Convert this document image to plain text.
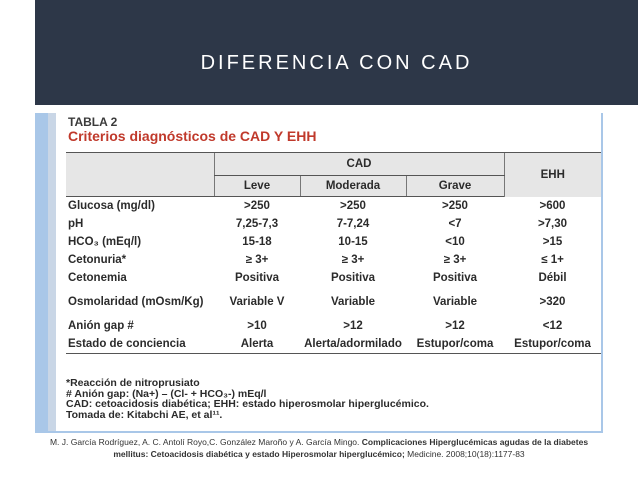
DIFERENCIA CON CAD
TABLA 2
Criterios diagnósticos de CAD Y EHH
	CAD			EHH
	Leve	Moderada	Grave	
Glucosa (mg/dl)	>250	>250	>250	>600
pH	7,25-7,3	7-7,24	<7	>7,30
HCO₃ (mEq/l)	15-18	10-15	<10	>15
Cetonuria*	≥ 3+	≥ 3+	≥ 3+	≤ 1+
Cetonemia	Positiva	Positiva	Positiva	Débil
Osmolaridad (mOsm/Kg)	Variable V	Variable	Variable	>320
Anión gap #	>10	>12	>12	<12
Estado de conciencia	Alerta	Alerta/adormilado	Estupor/coma	Estupor/coma
*Reacción de nitroprusiato
# Anión gap: (Na+) – (Cl- + HCO₃-) mEq/l
CAD: cetoacidosis diabética; EHH: estado hiperosmolar hiperglucémico.
Tomada de: Kitabchi AE, et al¹¹.
M. J. García Rodríguez, A. C. Antolí Royo,C. González Maroño y A. García Mingo. Complicaciones Hiperglucémicas agudas de la diabetes mellitus: Cetoacidosis diabética y estado Hiperosmolar hiperglucémico; Medicine. 2008;10(18):1177-83
